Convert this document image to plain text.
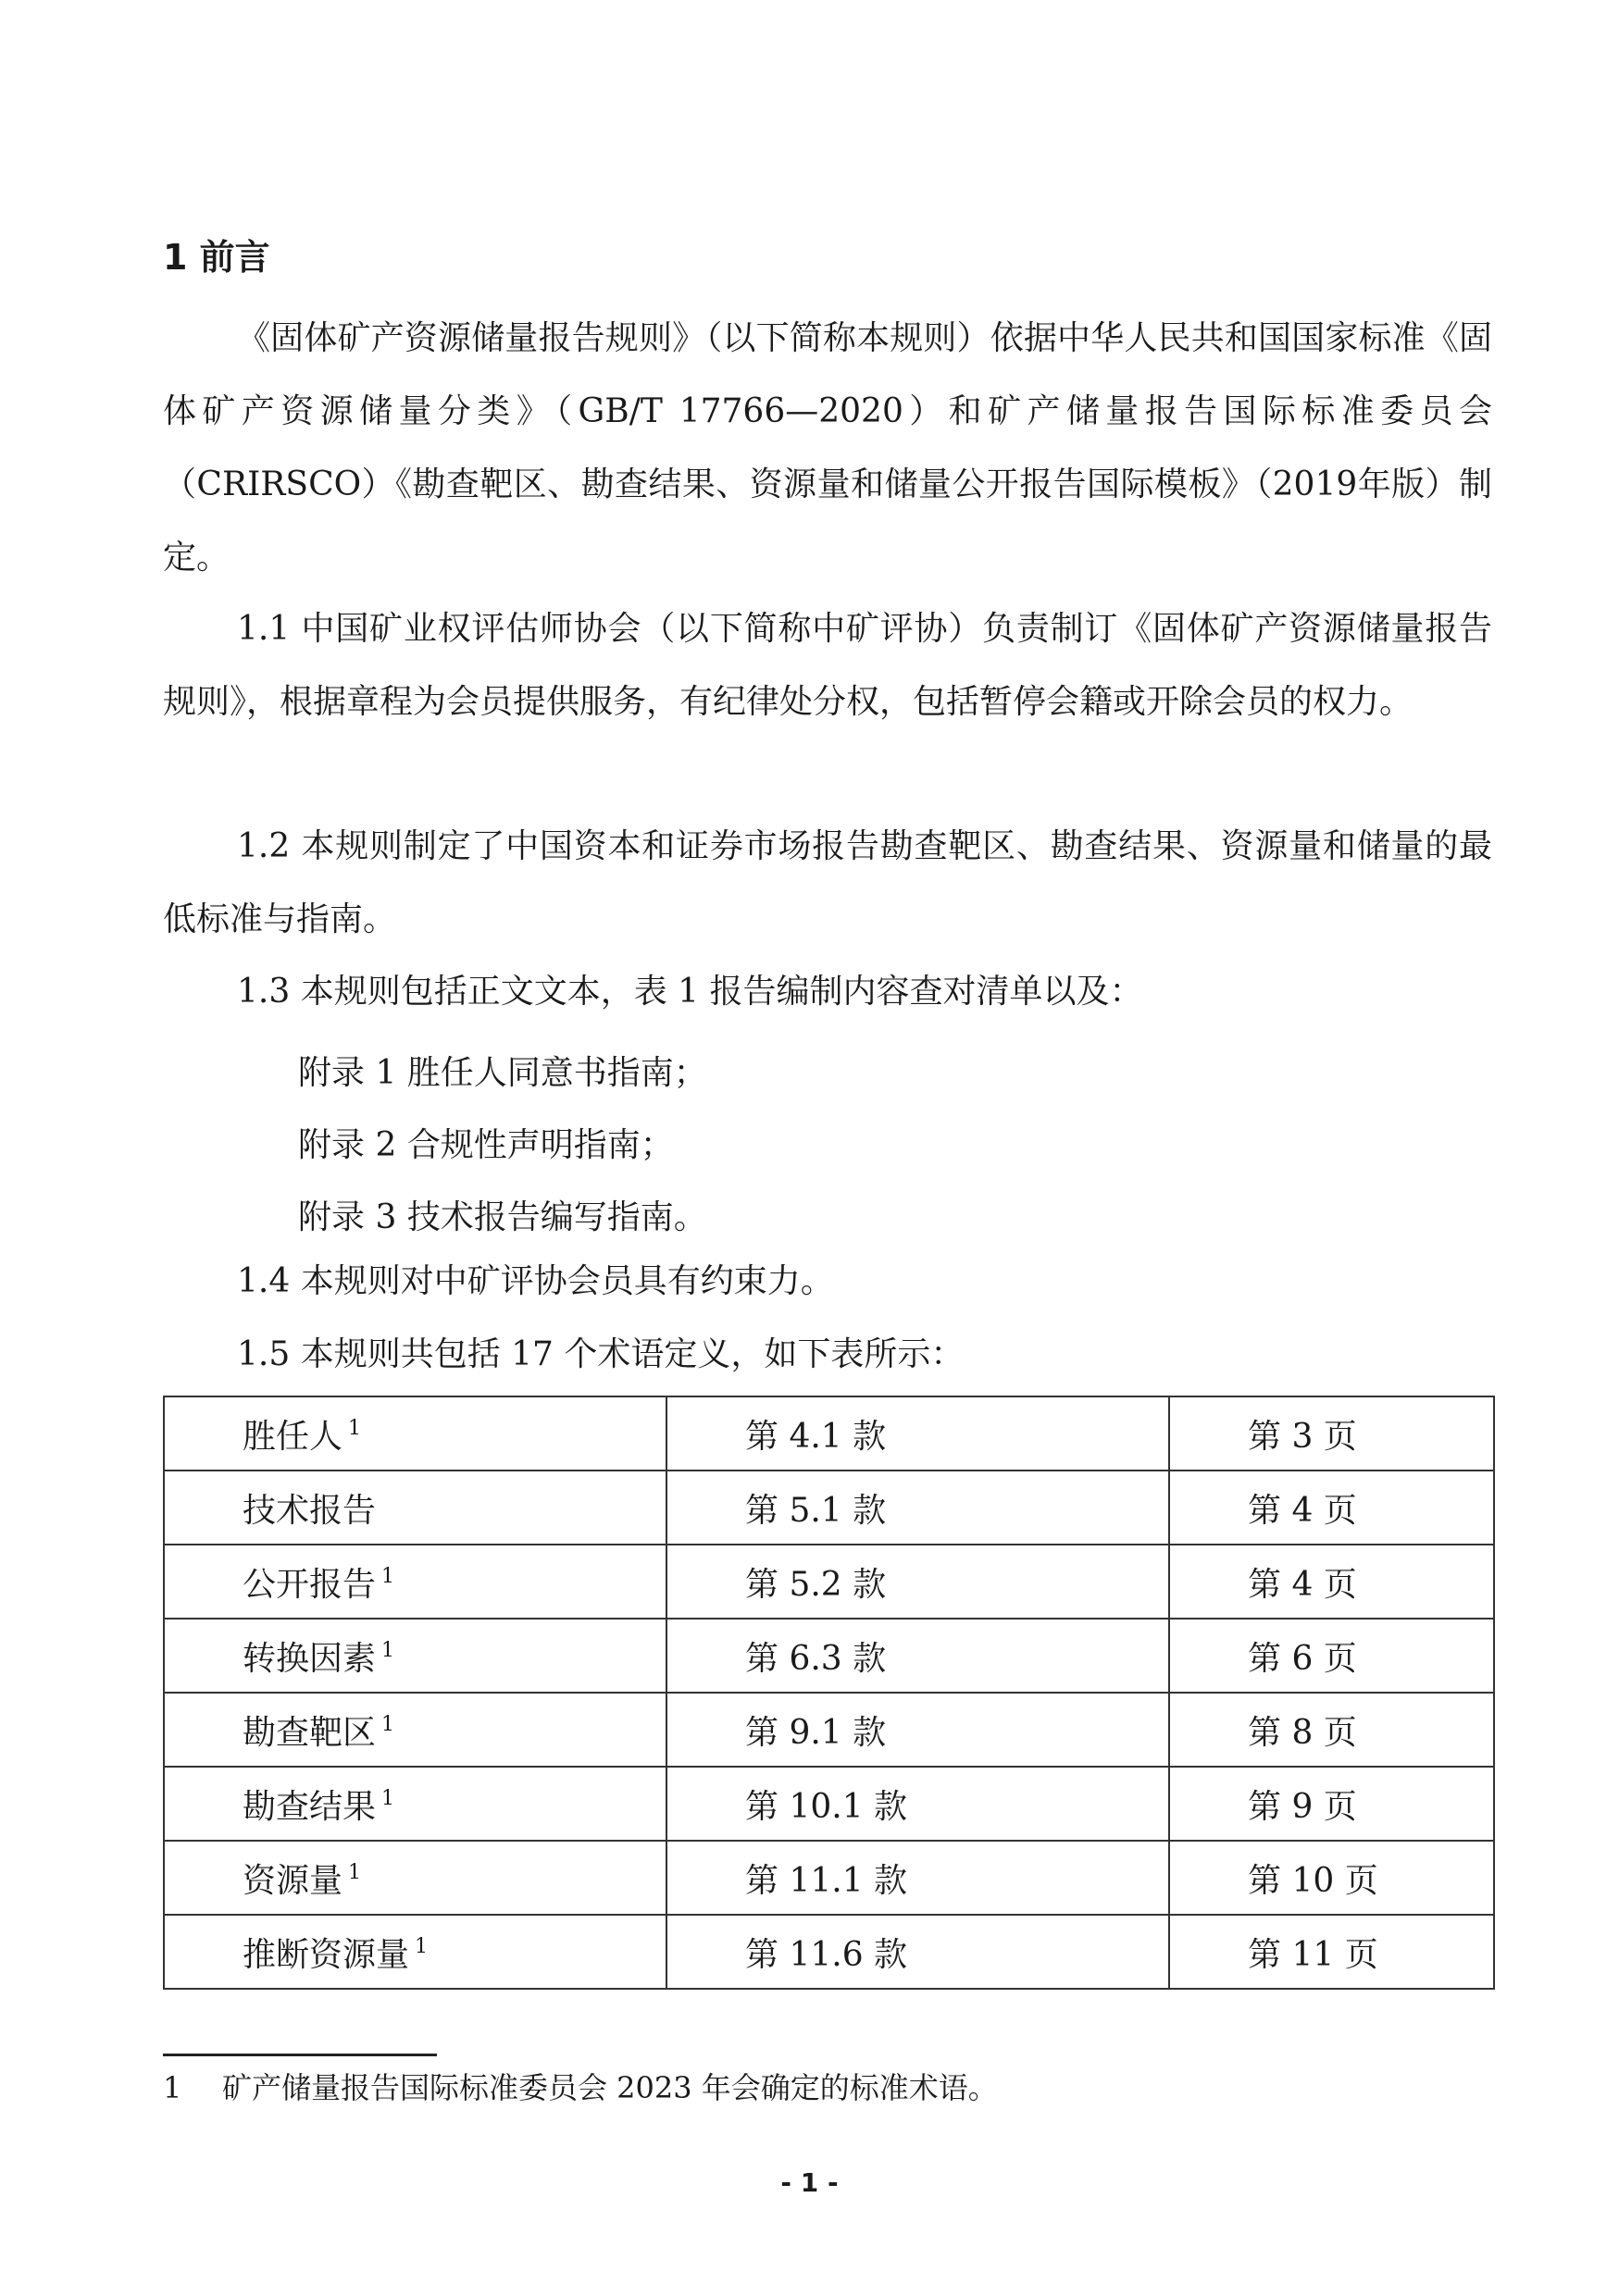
1 前言

《固体矿产资源储量报告规则》（以下简称本规则）依据中华人民共和国国家标准《固体矿产资源储量分类》（GB/T 17766—2020）和矿产储量报告国际标准委员会（CRIRSCO）《勘查靶区、勘查结果、资源量和储量公开报告国际模板》（2019年版）制定。

1.1 中国矿业权评估师协会（以下简称中矿评协）负责制订《固体矿产资源储量报告规则》，根据章程为会员提供服务，有纪律处分权，包括暂停会籍或开除会员的权力。

1.2 本规则制定了中国资本和证券市场报告勘查靶区、勘查结果、资源量和储量的最低标准与指南。

1.3 本规则包括正文文本，表 1 报告编制内容查对清单以及：

附录 1 胜任人同意书指南；

附录 2 合规性声明指南；

附录 3 技术报告编写指南。

1.4 本规则对中矿评协会员具有约束力。

1.5 本规则共包括 17 个术语定义，如下表所示：

胜任人 $^1$	第 4.1 款	第 3 页
技术报告	第 5.1 款	第 4 页
公开报告 $^1$	第 5.2 款	第 4 页
转换因素 $^1$	第 6.3 款	第 6 页
勘查靶区 $^1$	第 9.1 款	第 8 页
勘查结果 $^1$	第 10.1 款	第 9 页
资源量 $^1$	第 11.1 款	第 10 页
推断资源量 $^1$	第 11.6 款	第 11 页

1 矿产储量报告国际标准委员会 2023 年会确定的标准术语。

- 1 -
